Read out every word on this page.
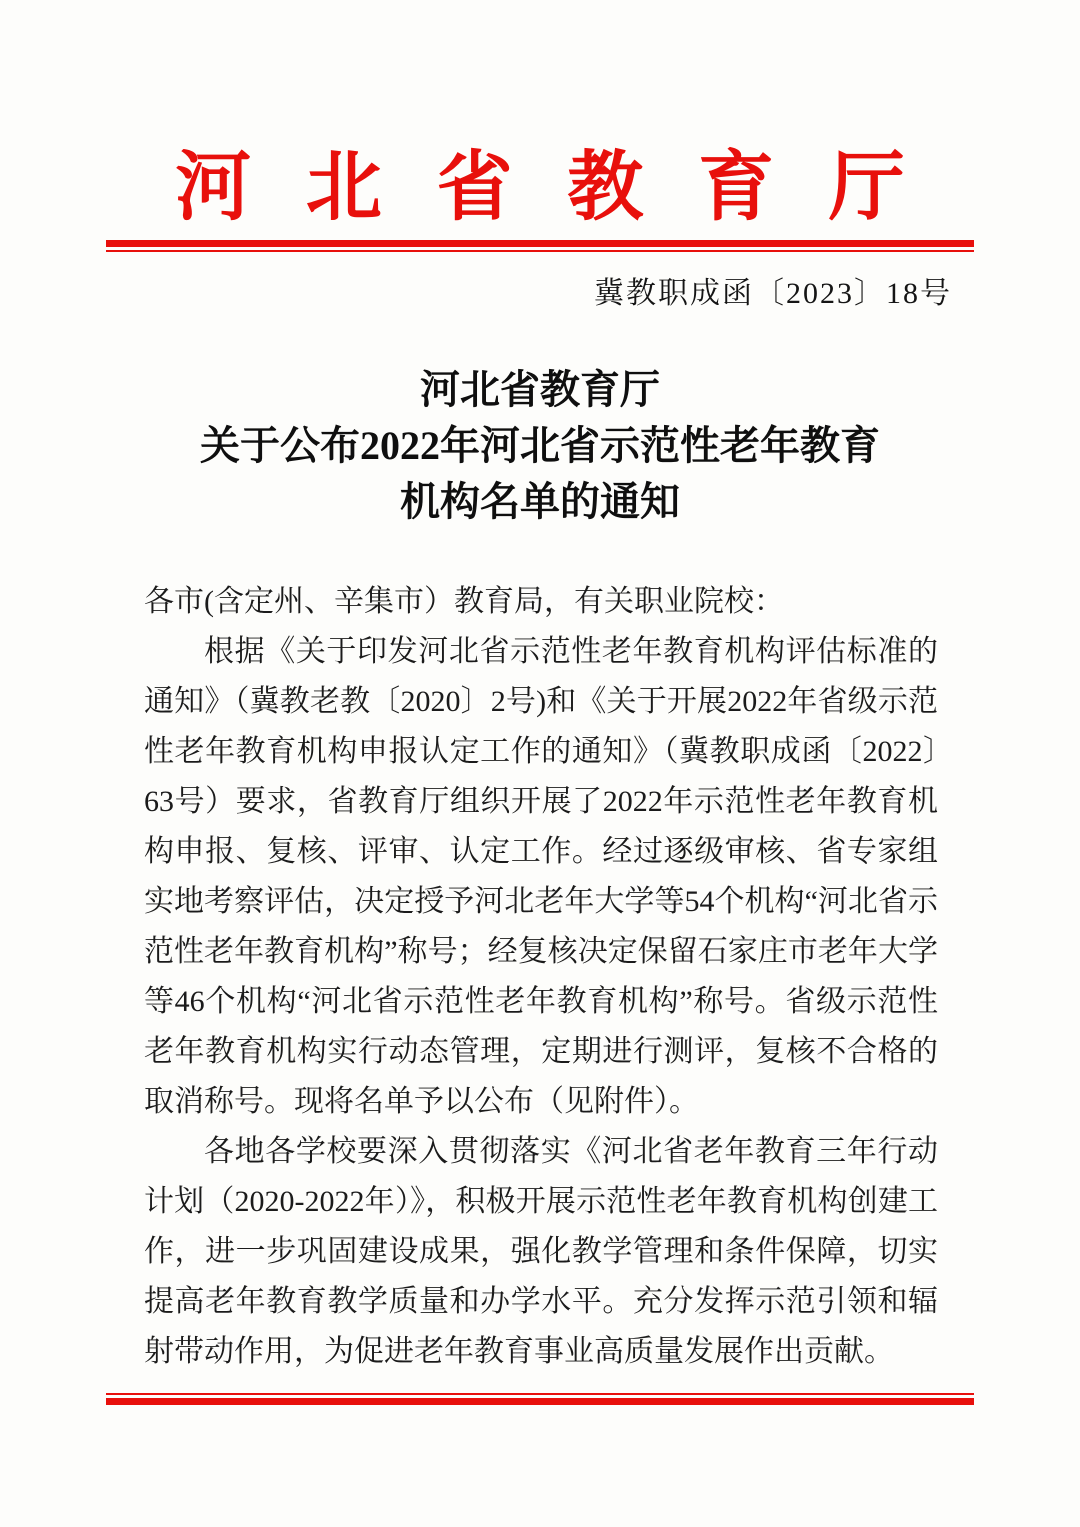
河北省教育厅
冀教职成函〔2023〕18号
河北省教育厅
关于公布2022年河北省示范性老年教育
机构名单的通知

各市(含定州、辛集市）教育局，有关职业院校：

根据《关于印发河北省示范性老年教育机构评估标准的通知》（冀教老教〔2020〕2号)和《关于开展2022年省级示范性老年教育机构申报认定工作的通知》（冀教职成函〔2022〕63号）要求，省教育厅组织开展了2022年示范性老年教育机构申报、复核、评审、认定工作。经过逐级审核、省专家组实地考察评估，决定授予河北老年大学等54个机构“河北省示范性老年教育机构”称号；经复核决定保留石家庄市老年大学等46个机构“河北省示范性老年教育机构”称号。省级示范性老年教育机构实行动态管理，定期进行测评，复核不合格的取消称号。现将名单予以公布（见附件）。

各地各学校要深入贯彻落实《河北省老年教育三年行动计划（2020-2022年）》，积极开展示范性老年教育机构创建工作，进一步巩固建设成果，强化教学管理和条件保障，切实提高老年教育教学质量和办学水平。充分发挥示范引领和辐射带动作用，为促进老年教育事业高质量发展作出贡献。
